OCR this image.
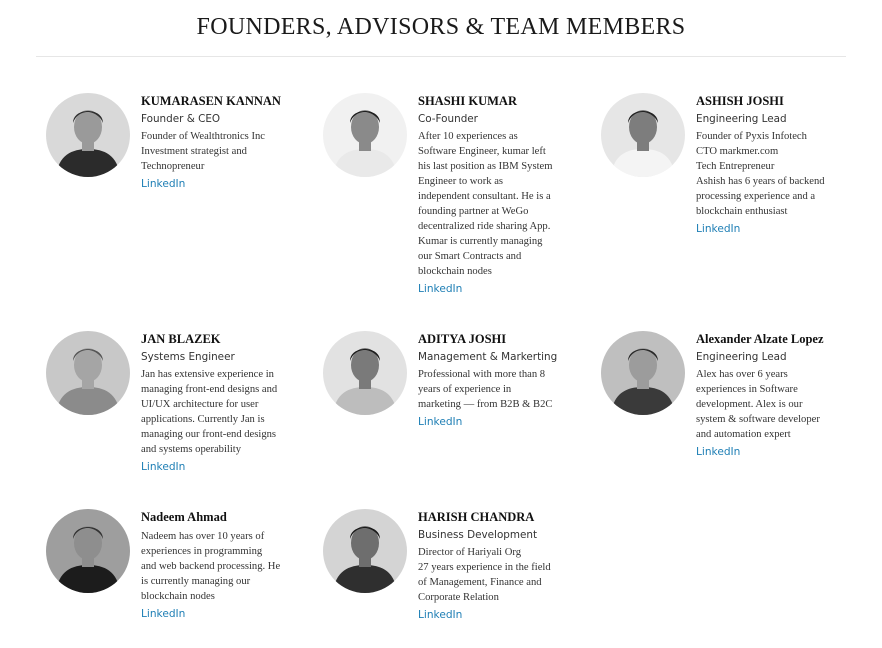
FOUNDERS, ADVISORS & TEAM MEMBERS
KUMARASEN KANNAN
Founder & CEO
Founder of Wealthtronics Inc
Investment strategist and
Technopreneur
LinkedIn
SHASHI KUMAR
Co-Founder
After 10 experiences as
Software Engineer, kumar left
his last position as IBM System
Engineer to work as
independent consultant. He is a
founding partner at WeGo
decentralized ride sharing App.
Kumar is currently managing
our Smart Contracts and
blockchain nodes
LinkedIn
ASHISH JOSHI
Engineering Lead
Founder of Pyxis Infotech
CTO markmer.com
Tech Entrepreneur
Ashish has 6 years of backend
processing experience and a
blockchain enthusiast
LinkedIn
JAN BLAZEK
Systems Engineer
Jan has extensive experience in
managing front-end designs and
UI/UX architecture for user
applications. Currently Jan is
managing our front-end designs
and systems operability
LinkedIn
ADITYA JOSHI
Management & Markerting
Professional with more than 8
years of experience in
marketing — from B2B & B2C
LinkedIn
Alexander Alzate Lopez
Engineering Lead
Alex has over 6 years
experiences in Software
development. Alex is our
system & software developer
and automation expert
LinkedIn
Nadeem Ahmad
Nadeem has over 10 years of
experiences in programming
and web backend processing. He
is currently managing our
blockchain nodes
LinkedIn
HARISH CHANDRA
Business Development
Director of Hariyali Org
27 years experience in the field
of Management, Finance and
Corporate Relation
LinkedIn
